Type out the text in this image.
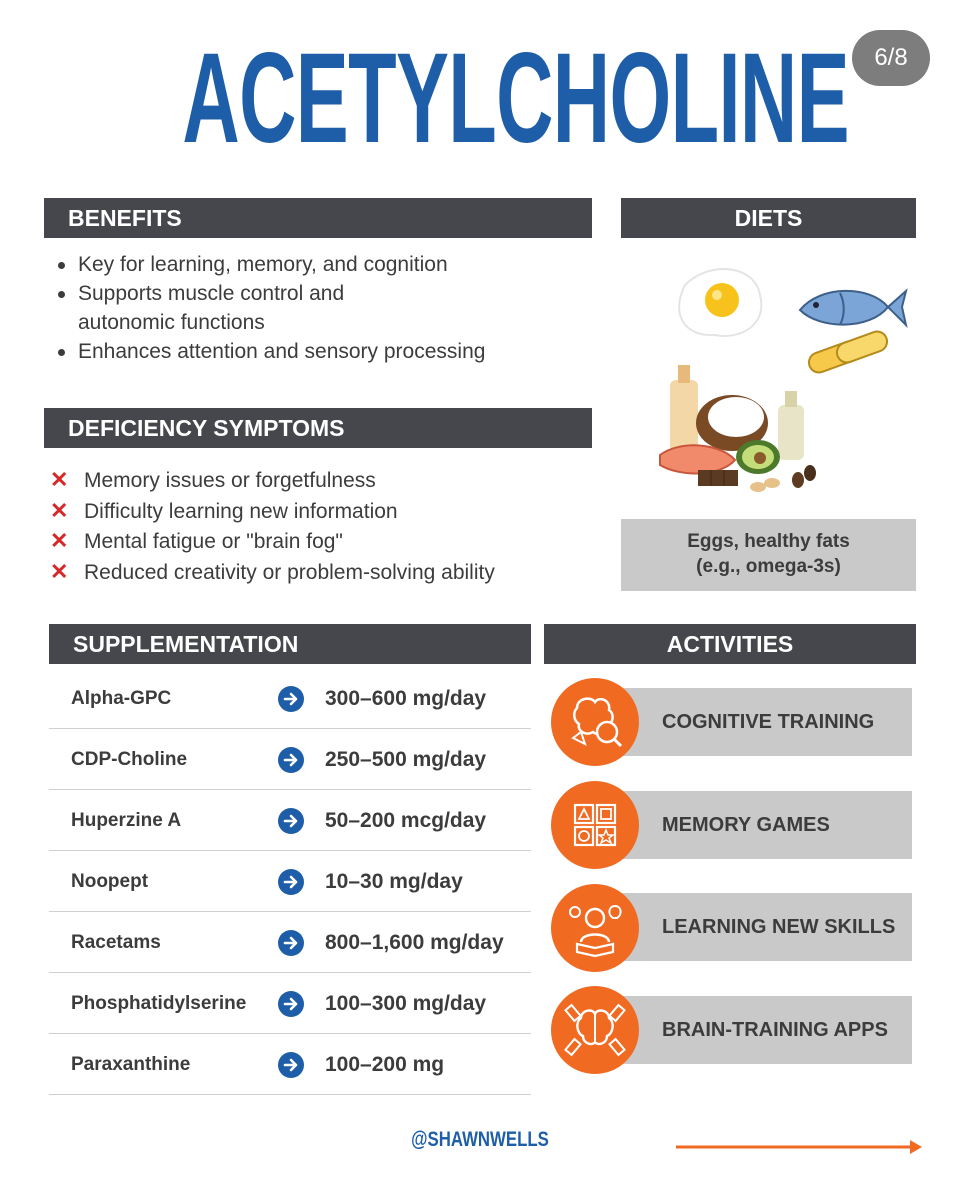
ACETYLCHOLINE	6/8
BENEFITS
Key for learning, memory, and cognition
Supports muscle control and
autonomic functions
Enhances attention and sensory processing
DEFICIENCY SYMPTOMS
✕ Memory issues or forgetfulness
✕ Difficulty learning new information
✕ Mental fatigue or "brain fog"
✕ Reduced creativity or problem-solving ability
DIETS
Eggs, healthy fats
(e.g., omega-3s)
SUPPLEMENTATION
Alpha-GPC	300–600 mg/day
CDP-Choline	250–500 mg/day
Huperzine A	50–200 mcg/day
Noopept	10–30 mg/day
Racetams	800–1,600 mg/day
Phosphatidylserine	100–300 mg/day
Paraxanthine	100–200 mg
ACTIVITIES
COGNITIVE TRAINING
MEMORY GAMES
LEARNING NEW SKILLS
BRAIN-TRAINING APPS
@SHAWNWELLS
